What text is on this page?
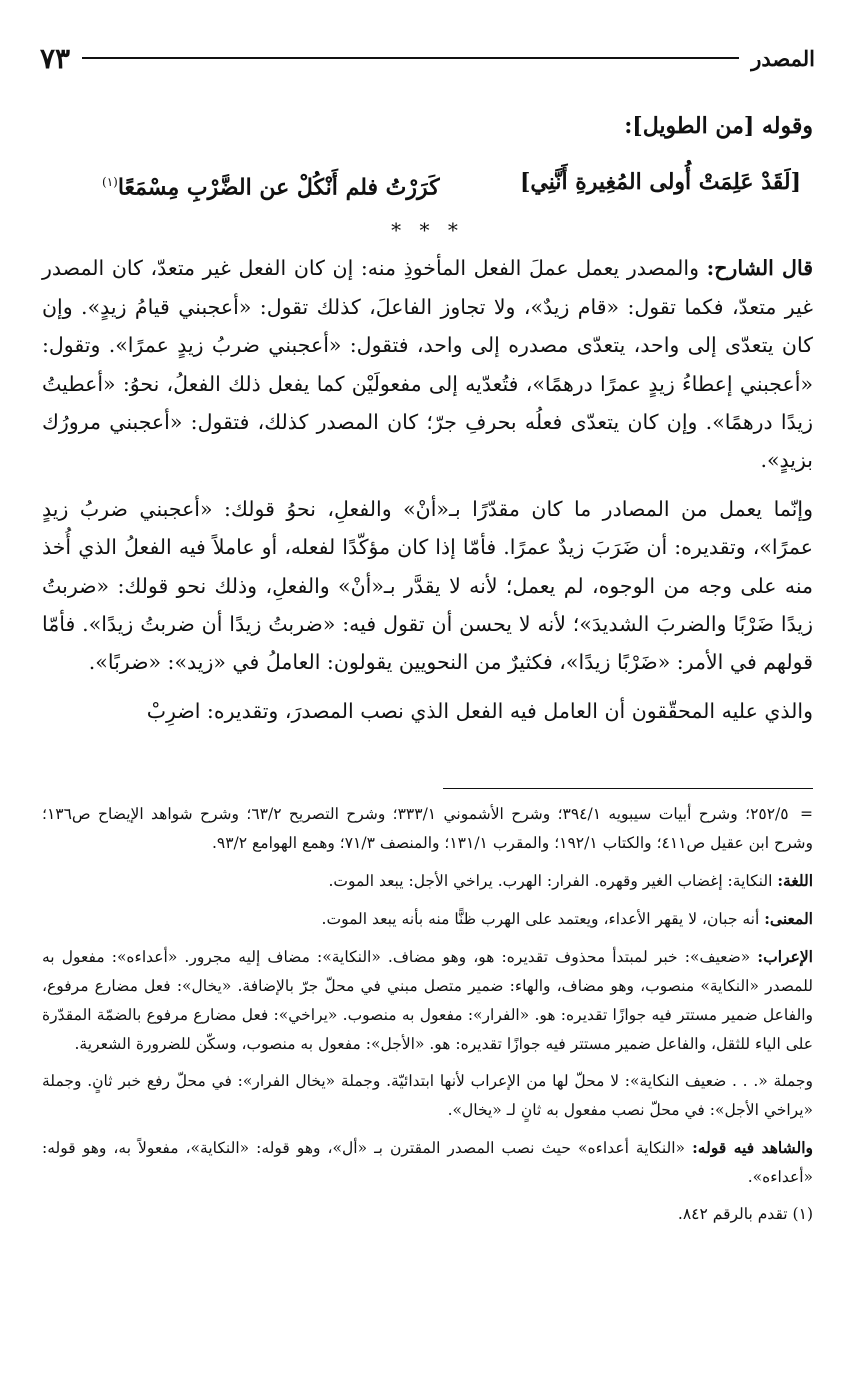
المصدر
٧٣

وقوله [من الطويل]:

[لَقَدْ عَلِمَتْ أُولى المُغِيرةِ أَنَّنِي]
كَرَرْتُ فلم أَنْكُلْ عن الضَّرْبِ مِسْمَعًا$^{(١)}$
* * *

قال الشارح: والمصدر يعمل عملَ الفعل المأخوذِ منه: إن كان الفعل غير متعدّ، كان المصدر غير متعدّ، فكما تقول: «قام زيدٌ»، ولا تجاوز الفاعلَ، كذلك تقول: «أعجبني قيامُ زيدٍ». وإن كان يتعدّى إلى واحد، يتعدّى مصدره إلى واحد، فتقول: «أعجبني ضربُ زيدٍ عمرًا». وتقول: «أعجبني إعطاءُ زيدٍ عمرًا درهمًا»، فتُعدّيه إلى مفعولَيْن كما يفعل ذلك الفعلُ، نحوُ: «أعطيتُ زيدًا درهمًا». وإن كان يتعدّى فعلُه بحرفِ جرّ؛ كان المصدر كذلك، فتقول: «أعجبني مرورُك بزيدٍ».

وإنّما يعمل من المصادر ما كان مقدّرًا بـ«أنْ» والفعلِ، نحوُ قولك: «أعجبني ضربُ زيدٍ عمرًا»، وتقديره: أن ضَرَبَ زيدٌ عمرًا. فأمّا إذا كان مؤكّدًا لفعله، أو عاملاً فيه الفعلُ الذي أُخذ منه على وجه من الوجوه، لم يعمل؛ لأنه لا يقدَّر بـ«أنْ» والفعلِ، وذلك نحو قولك: «ضربتُ زيدًا ضَرْبًا والضربَ الشديدَ»؛ لأنه لا يحسن أن تقول فيه: «ضربتُ زيدًا أن ضربتُ زيدًا». فأمّا قولهم في الأمر: «ضَرْبًا زيدًا»، فكثيرٌ من النحويين يقولون: العاملُ في «زيد»: «ضربًا».

والذي عليه المحقّقون أن العامل فيه الفعل الذي نصب المصدرَ، وتقديره: اضرِبْ

= ٢٥٢/٥؛ وشرح أبيات سيبويه ٣٩٤/١؛ وشرح الأشموني ٣٣٣/١؛ وشرح التصريح ٦٣/٢؛ وشرح شواهد الإيضاح ص١٣٦؛ وشرح ابن عقيل ص٤١١؛ والكتاب ١٩٢/١؛ والمقرب ١٣١/١؛ والمنصف ٧١/٣؛ وهمع الهوامع ٩٣/٢.

اللغة: النكاية: إغضاب الغير وقهره. الفرار: الهرب. يراخي الأجل: يبعد الموت.

المعنى: أنه جبان، لا يقهر الأعداء، ويعتمد على الهرب ظنًّا منه بأنه يبعد الموت.

الإعراب: «ضعيف»: خبر لمبتدأ محذوف تقديره: هو، وهو مضاف. «النكاية»: مضاف إليه مجرور. «أعداءه»: مفعول به للمصدر «النكاية» منصوب، وهو مضاف، والهاء: ضمير متصل مبني في محلّ جرّ بالإضافة. «يخال»: فعل مضارع مرفوع، والفاعل ضمير مستتر فيه جوازًا تقديره: هو. «الفرار»: مفعول به منصوب. «يراخي»: فعل مضارع مرفوع بالضمّة المقدّرة على الياء للثقل، والفاعل ضمير مستتر فيه جوازًا تقديره: هو. «الأجل»: مفعول به منصوب، وسكّن للضرورة الشعرية.

وجملة «. . . ضعيف النكاية»: لا محلّ لها من الإعراب لأنها ابتدائيّة. وجملة «يخال الفرار»: في محلّ رفع خبر ثانٍ. وجملة «يراخي الأجل»: في محلّ نصب مفعول به ثانٍ لـ «يخال».

والشاهد فيه قوله: «النكاية أعداءه» حيث نصب المصدر المقترن بـ «أل»، وهو قوله: «النكاية»، مفعولاً به، وهو قوله: «أعداءه».

(١) تقدم بالرقم ٨٤٢.
